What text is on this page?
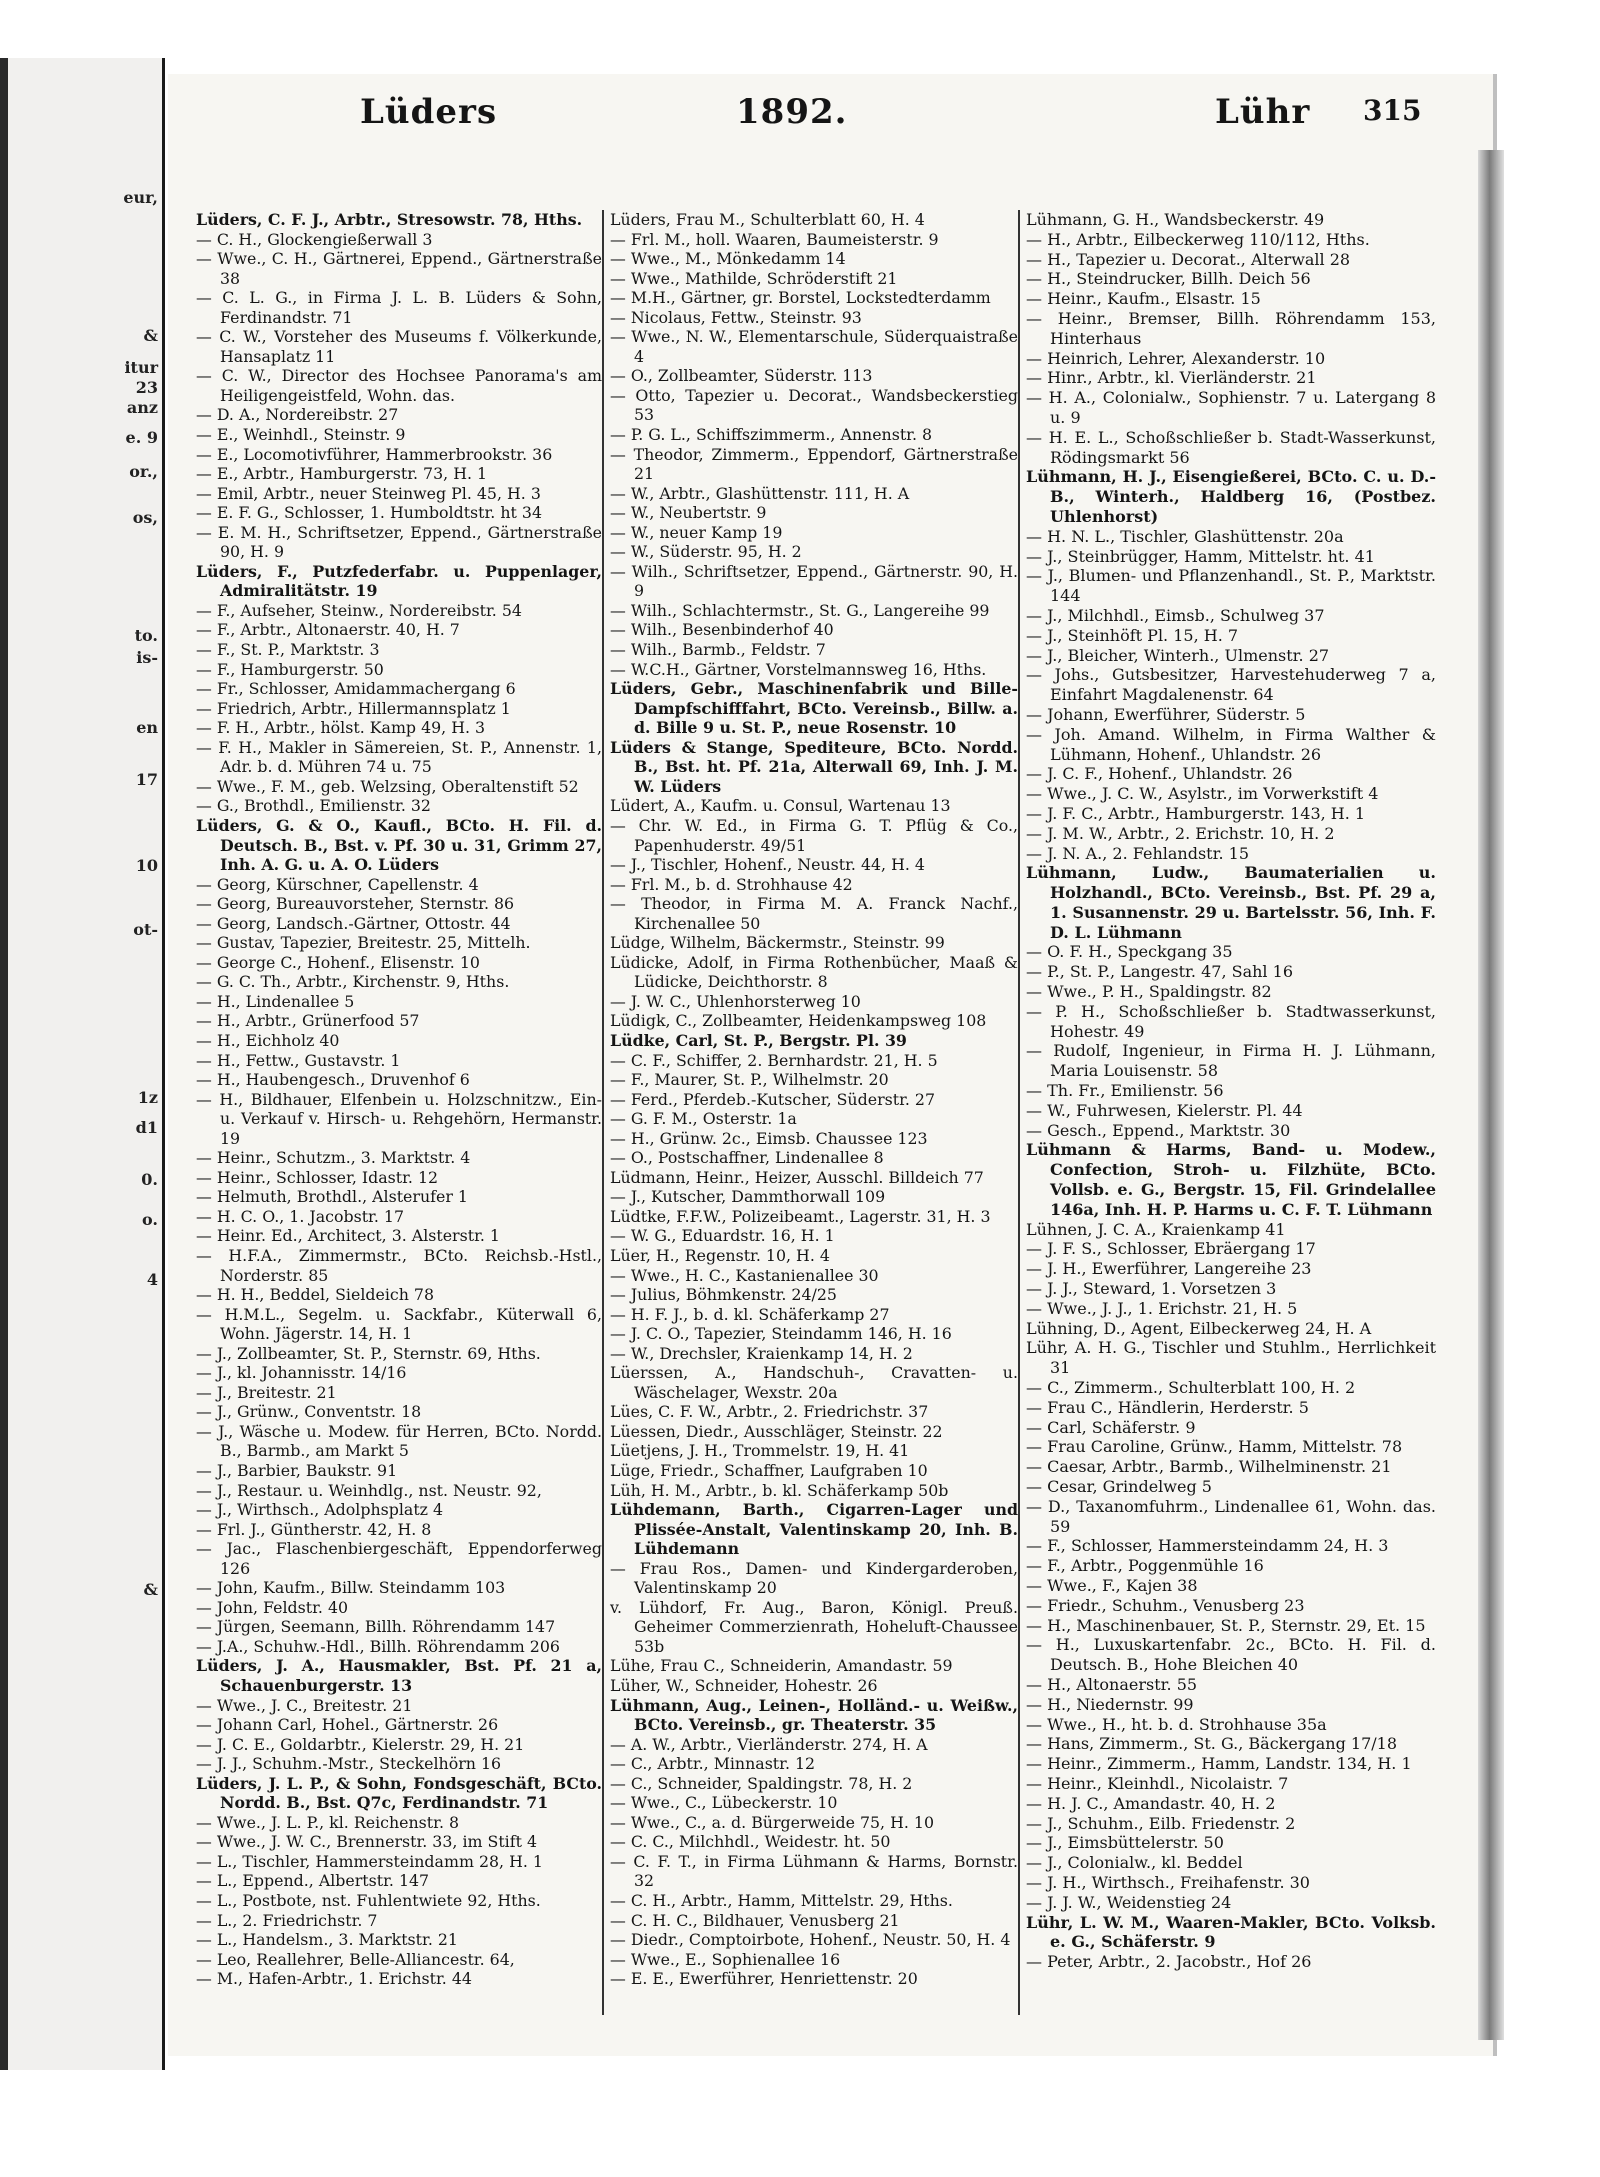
eur,
&
itur
23
anz
e. 9
or.,
os,
to.
is-
en
17
10
ot-
1z
d1
0.
o.
4
&
Lüders	1892.	Lühr 315

Lüders, C. F. J., Arbtr., Stresowstr. 78, Hths.

— C. H., Glockengießerwall 3

— Wwe., C. H., Gärtnerei, Eppend., Gärtnerstraße 38

— C. L. G., in Firma J. L. B. Lüders & Sohn, Ferdinandstr. 71

— C. W., Vorsteher des Museums f. Völkerkunde, Hansaplatz 11

— C. W., Director des Hochsee Panorama's am Heiligengeistfeld, Wohn. das.

— D. A., Nordereibstr. 27

— E., Weinhdl., Steinstr. 9

— E., Locomotivführer, Hammerbrookstr. 36

— E., Arbtr., Hamburgerstr. 73, H. 1

— Emil, Arbtr., neuer Steinweg Pl. 45, H. 3

— E. F. G., Schlosser, 1. Humboldtstr. ht 34

— E. M. H., Schriftsetzer, Eppend., Gärtnerstraße 90, H. 9

Lüders, F., Putzfederfabr. u. Puppenlager, Admiralitätstr. 19

— F., Aufseher, Steinw., Nordereibstr. 54

— F., Arbtr., Altonaerstr. 40, H. 7

— F., St. P., Marktstr. 3

— F., Hamburgerstr. 50

— Fr., Schlosser, Amidammachergang 6

— Friedrich, Arbtr., Hillermannsplatz 1

— F. H., Arbtr., hölst. Kamp 49, H. 3

— F. H., Makler in Sämereien, St. P., Annenstr. 1, Adr. b. d. Mühren 74 u. 75

— Wwe., F. M., geb. Welzsing, Oberaltenstift 52

— G., Brothdl., Emilienstr. 32

Lüders, G. & O., Kaufl., BCto. H. Fil. d. Deutsch. B., Bst. v. Pf. 30 u. 31, Grimm 27, Inh. A. G. u. A. O. Lüders

— Georg, Kürschner, Capellenstr. 4

— Georg, Bureauvorsteher, Sternstr. 86

— Georg, Landsch.-Gärtner, Ottostr. 44

— Gustav, Tapezier, Breitestr. 25, Mittelh.

— George C., Hohenf., Elisenstr. 10

— G. C. Th., Arbtr., Kirchenstr. 9, Hths.

— H., Lindenallee 5

— H., Arbtr., Grünerfood 57

— H., Eichholz 40

— H., Fettw., Gustavstr. 1

— H., Haubengesch., Druvenhof 6

— H., Bildhauer, Elfenbein u. Holzschnitzw., Ein- u. Verkauf v. Hirsch- u. Rehgehörn, Hermanstr. 19

— Heinr., Schutzm., 3. Marktstr. 4

— Heinr., Schlosser, Idastr. 12

— Helmuth, Brothdl., Alsterufer 1

— H. C. O., 1. Jacobstr. 17

— Heinr. Ed., Architect, 3. Alsterstr. 1

— H.F.A., Zimmermstr., BCto. Reichsb.-Hstl., Norderstr. 85

— H. H., Beddel, Sieldeich 78

— H.M.L., Segelm. u. Sackfabr., Küterwall 6, Wohn. Jägerstr. 14, H. 1

— J., Zollbeamter, St. P., Sternstr. 69, Hths.

— J., kl. Johannisstr. 14/16

— J., Breitestr. 21

— J., Grünw., Conventstr. 18

— J., Wäsche u. Modew. für Herren, BCto. Nordd. B., Barmb., am Markt 5

— J., Barbier, Baukstr. 91

— J., Restaur. u. Weinhdlg., nst. Neustr. 92,

— J., Wirthsch., Adolphsplatz 4

— Frl. J., Güntherstr. 42, H. 8

— Jac., Flaschenbiergeschäft, Eppendorferweg 126

— John, Kaufm., Billw. Steindamm 103

— John, Feldstr. 40

— Jürgen, Seemann, Billh. Röhrendamm 147

— J.A., Schuhw.-Hdl., Billh. Röhrendamm 206

Lüders, J. A., Hausmakler, Bst. Pf. 21 a, Schauenburgerstr. 13

— Wwe., J. C., Breitestr. 21

— Johann Carl, Hohel., Gärtnerstr. 26

— J. C. E., Goldarbtr., Kielerstr. 29, H. 21

— J. J., Schuhm.-Mstr., Steckelhörn 16

Lüders, J. L. P., & Sohn, Fondsgeschäft, BCto. Nordd. B., Bst. Q7c, Ferdinandstr. 71

— Wwe., J. L. P., kl. Reichenstr. 8

— Wwe., J. W. C., Brennerstr. 33, im Stift 4

— L., Tischler, Hammersteindamm 28, H. 1

— L., Eppend., Albertstr. 147

— L., Postbote, nst. Fuhlentwiete 92, Hths.

— L., 2. Friedrichstr. 7

— L., Handelsm., 3. Marktstr. 21

— Leo, Reallehrer, Belle-Alliancestr. 64,

— M., Hafen-Arbtr., 1. Erichstr. 44

Lüders, Frau M., Schulterblatt 60, H. 4

— Frl. M., holl. Waaren, Baumeisterstr. 9

— Wwe., M., Mönkedamm 14

— Wwe., Mathilde, Schröderstift 21

— M.H., Gärtner, gr. Borstel, Lockstedterdamm

— Nicolaus, Fettw., Steinstr. 93

— Wwe., N. W., Elementarschule, Süderquaistraße 4

— O., Zollbeamter, Süderstr. 113

— Otto, Tapezier u. Decorat., Wandsbeckerstieg 53

— P. G. L., Schiffszimmerm., Annenstr. 8

— Theodor, Zimmerm., Eppendorf, Gärtnerstraße 21

— W., Arbtr., Glashüttenstr. 111, H. A

— W., Neubertstr. 9

— W., neuer Kamp 19

— W., Süderstr. 95, H. 2

— Wilh., Schriftsetzer, Eppend., Gärtnerstr. 90, H. 9

— Wilh., Schlachtermstr., St. G., Langereihe 99

— Wilh., Besenbinderhof 40

— Wilh., Barmb., Feldstr. 7

— W.C.H., Gärtner, Vorstelmannsweg 16, Hths.

Lüders, Gebr., Maschinenfabrik und Bille-Dampfschifffahrt, BCto. Vereinsb., Billw. a. d. Bille 9 u. St. P., neue Rosenstr. 10

Lüders & Stange, Spediteure, BCto. Nordd. B., Bst. ht. Pf. 21a, Alterwall 69, Inh. J. M. W. Lüders

Lüdert, A., Kaufm. u. Consul, Wartenau 13

— Chr. W. Ed., in Firma G. T. Pflüg & Co., Papenhuderstr. 49/51

— J., Tischler, Hohenf., Neustr. 44, H. 4

— Frl. M., b. d. Strohhause 42

— Theodor, in Firma M. A. Franck Nachf., Kirchenallee 50

Lüdge, Wilhelm, Bäckermstr., Steinstr. 99

Lüdicke, Adolf, in Firma Rothenbücher, Maaß & Lüdicke, Deichthorstr. 8

— J. W. C., Uhlenhorsterweg 10

Lüdigk, C., Zollbeamter, Heidenkampsweg 108

Lüdke, Carl, St. P., Bergstr. Pl. 39

— C. F., Schiffer, 2. Bernhardstr. 21, H. 5

— F., Maurer, St. P., Wilhelmstr. 20

— Ferd., Pferdeb.-Kutscher, Süderstr. 27

— G. F. M., Osterstr. 1a

— H., Grünw. 2c., Eimsb. Chaussee 123

— O., Postschaffner, Lindenallee 8

Lüdmann, Heinr., Heizer, Ausschl. Billdeich 77

— J., Kutscher, Dammthorwall 109

Lüdtke, F.F.W., Polizeibeamt., Lagerstr. 31, H. 3

— W. G., Eduardstr. 16, H. 1

Lüer, H., Regenstr. 10, H. 4

— Wwe., H. C., Kastanienallee 30

— Julius, Böhmkenstr. 24/25

— H. F. J., b. d. kl. Schäferkamp 27

— J. C. O., Tapezier, Steindamm 146, H. 16

— W., Drechsler, Kraienkamp 14, H. 2

Lüerssen, A., Handschuh-, Cravatten- u. Wäschelager, Wexstr. 20a

Lües, C. F. W., Arbtr., 2. Friedrichstr. 37

Lüessen, Diedr., Ausschläger, Steinstr. 22

Lüetjens, J. H., Trommelstr. 19, H. 41

Lüge, Friedr., Schaffner, Laufgraben 10

Lüh, H. M., Arbtr., b. kl. Schäferkamp 50b

Lühdemann, Barth., Cigarren-Lager und Plissée-Anstalt, Valentinskamp 20, Inh. B. Lühdemann

— Frau Ros., Damen- und Kindergarderoben, Valentinskamp 20

v. Lühdorf, Fr. Aug., Baron, Königl. Preuß. Geheimer Commerzienrath, Hoheluft-Chaussee 53b

Lühe, Frau C., Schneiderin, Amandastr. 59

Lüher, W., Schneider, Hohestr. 26

Lühmann, Aug., Leinen-, Holländ.- u. Weißw., BCto. Vereinsb., gr. Theaterstr. 35

— A. W., Arbtr., Vierländerstr. 274, H. A

— C., Arbtr., Minnastr. 12

— C., Schneider, Spaldingstr. 78, H. 2

— Wwe., C., Lübeckerstr. 10

— Wwe., C., a. d. Bürgerweide 75, H. 10

— C. C., Milchhdl., Weidestr. ht. 50

— C. F. T., in Firma Lühmann & Harms, Bornstr. 32

— C. H., Arbtr., Hamm, Mittelstr. 29, Hths.

— C. H. C., Bildhauer, Venusberg 21

— Diedr., Comptoirbote, Hohenf., Neustr. 50, H. 4

— Wwe., E., Sophienallee 16

— E. E., Ewerführer, Henriettenstr. 20

Lühmann, G. H., Wandsbeckerstr. 49

— H., Arbtr., Eilbeckerweg 110/112, Hths.

— H., Tapezier u. Decorat., Alterwall 28

— H., Steindrucker, Billh. Deich 56

— Heinr., Kaufm., Elsastr. 15

— Heinr., Bremser, Billh. Röhrendamm 153, Hinterhaus

— Heinrich, Lehrer, Alexanderstr. 10

— Hinr., Arbtr., kl. Vierländerstr. 21

— H. A., Colonialw., Sophienstr. 7 u. Latergang 8 u. 9

— H. E. L., Schoßschließer b. Stadt-Wasserkunst, Rödingsmarkt 56

Lühmann, H. J., Eisengießerei, BCto. C. u. D.-B., Winterh., Haldberg 16, (Postbez. Uhlenhorst)

— H. N. L., Tischler, Glashüttenstr. 20a

— J., Steinbrügger, Hamm, Mittelstr. ht. 41

— J., Blumen- und Pflanzenhandl., St. P., Marktstr. 144

— J., Milchhdl., Eimsb., Schulweg 37

— J., Steinhöft Pl. 15, H. 7

— J., Bleicher, Winterh., Ulmenstr. 27

— Johs., Gutsbesitzer, Harvestehuderweg 7 a, Einfahrt Magdalenenstr. 64

— Johann, Ewerführer, Süderstr. 5

— Joh. Amand. Wilhelm, in Firma Walther & Lühmann, Hohenf., Uhlandstr. 26

— J. C. F., Hohenf., Uhlandstr. 26

— Wwe., J. C. W., Asylstr., im Vorwerkstift 4

— J. F. C., Arbtr., Hamburgerstr. 143, H. 1

— J. M. W., Arbtr., 2. Erichstr. 10, H. 2

— J. N. A., 2. Fehlandstr. 15

Lühmann, Ludw., Baumaterialien u. Holzhandl., BCto. Vereinsb., Bst. Pf. 29 a, 1. Susannenstr. 29 u. Bartelsstr. 56, Inh. F. D. L. Lühmann

— O. F. H., Speckgang 35

— P., St. P., Langestr. 47, Sahl 16

— Wwe., P. H., Spaldingstr. 82

— P. H., Schoßschließer b. Stadtwasserkunst, Hohestr. 49

— Rudolf, Ingenieur, in Firma H. J. Lühmann, Maria Louisenstr. 58

— Th. Fr., Emilienstr. 56

— W., Fuhrwesen, Kielerstr. Pl. 44

— Gesch., Eppend., Marktstr. 30

Lühmann & Harms, Band- u. Modew., Confection, Stroh- u. Filzhüte, BCto. Vollsb. e. G., Bergstr. 15, Fil. Grindelallee 146a, Inh. H. P. Harms u. C. F. T. Lühmann

Lühnen, J. C. A., Kraienkamp 41

— J. F. S., Schlosser, Ebräergang 17

— J. H., Ewerführer, Langereihe 23

— J. J., Steward, 1. Vorsetzen 3

— Wwe., J. J., 1. Erichstr. 21, H. 5

Lühning, D., Agent, Eilbeckerweg 24, H. A

Lühr, A. H. G., Tischler und Stuhlm., Herrlichkeit 31

— C., Zimmerm., Schulterblatt 100, H. 2

— Frau C., Händlerin, Herderstr. 5

— Carl, Schäferstr. 9

— Frau Caroline, Grünw., Hamm, Mittelstr. 78

— Caesar, Arbtr., Barmb., Wilhelminenstr. 21

— Cesar, Grindelweg 5

— D., Taxanomfuhrm., Lindenallee 61, Wohn. das. 59

— F., Schlosser, Hammersteindamm 24, H. 3

— F., Arbtr., Poggenmühle 16

— Wwe., F., Kajen 38

— Friedr., Schuhm., Venusberg 23

— H., Maschinenbauer, St. P., Sternstr. 29, Et. 15

— H., Luxuskartenfabr. 2c., BCto. H. Fil. d. Deutsch. B., Hohe Bleichen 40

— H., Altonaerstr. 55

— H., Niedernstr. 99

— Wwe., H., ht. b. d. Strohhause 35a

— Hans, Zimmerm., St. G., Bäckergang 17/18

— Heinr., Zimmerm., Hamm, Landstr. 134, H. 1

— Heinr., Kleinhdl., Nicolaistr. 7

— H. J. C., Amandastr. 40, H. 2

— J., Schuhm., Eilb. Friedenstr. 2

— J., Eimsbüttelerstr. 50

— J., Colonialw., kl. Beddel

— J. H., Wirthsch., Freihafenstr. 30

— J. J. W., Weidenstieg 24

Lühr, L. W. M., Waaren-Makler, BCto. Volksb. e. G., Schäferstr. 9

— Peter, Arbtr., 2. Jacobstr., Hof 26
